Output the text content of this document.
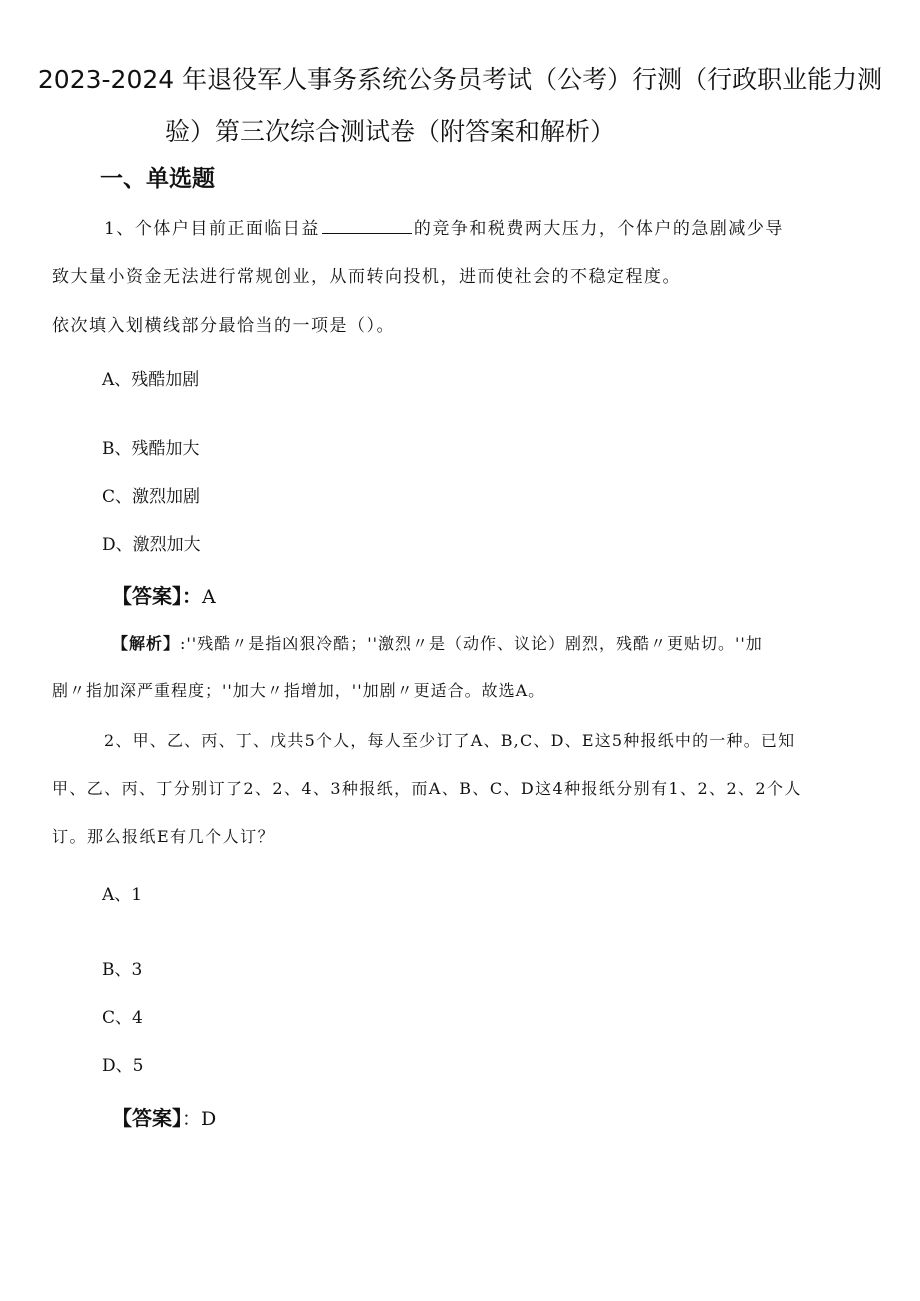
2023-2024 年退役军人事务系统公务员考试（公考）行测（行政职业能力测
验）第三次综合测试卷（附答案和解析）
一、单选题
1、个体户目前正面临日益	的竞争和税费两大压力，个体户的急剧减少导
致大量小资金无法进行常规创业，从而转向投机，进而使社会的不稳定程度。
依次填入划横线部分最恰当的一项是（）。
A、残酷加剧
B、残酷加大
C、激烈加剧
D、激烈加大
【答案】：A
【解析】:''残酷〃是指凶狠冷酷；''激烈〃是（动作、议论）剧烈，残酷〃更贴切。''加
剧〃指加深严重程度；''加大〃指增加，''加剧〃更适合。故选A。
2、甲、乙、丙、丁、戊共5个人，每人至少订了A、B,C、D、E这5种报纸中的一种。已知
甲、乙、丙、丁分别订了2、2、4、3种报纸，而A、B、C、D这4种报纸分别有1、2、2、2个人
订。那么报纸E有几个人订？
A、1
B、3
C、4
D、5
【答案】：D
